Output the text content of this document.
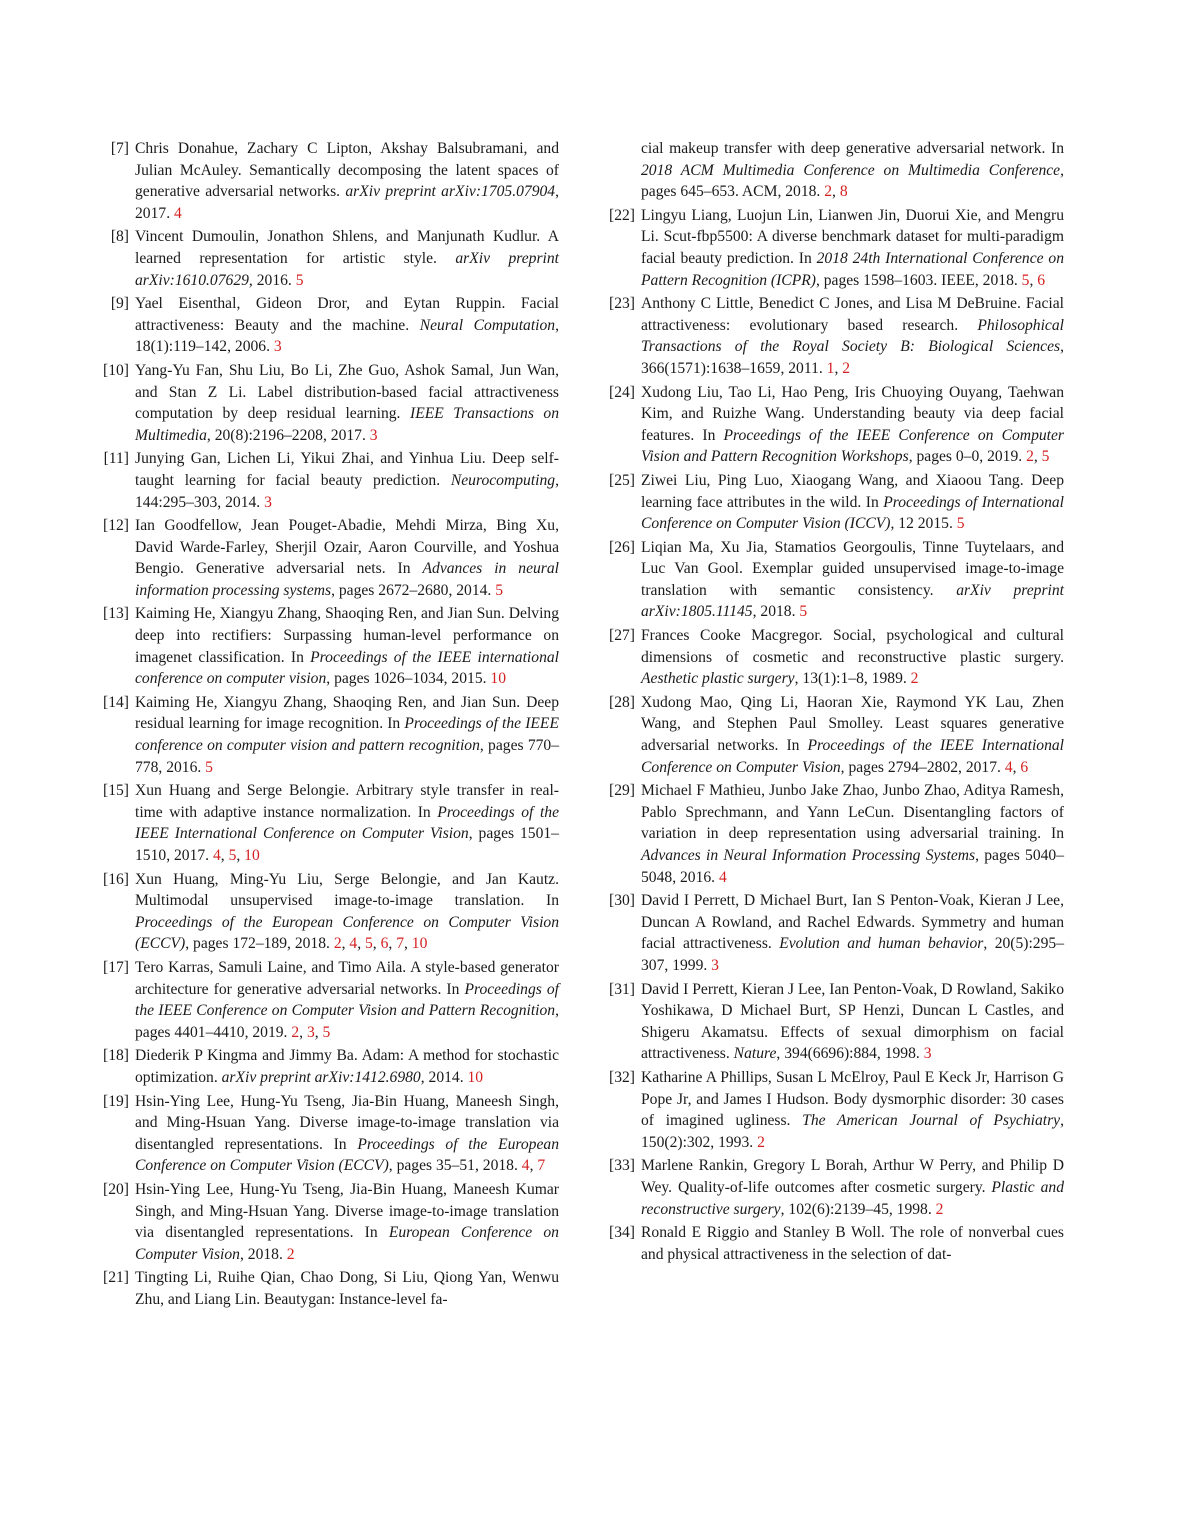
[7] Chris Donahue, Zachary C Lipton, Akshay Balsubramani, and Julian McAuley. Semantically decomposing the latent spaces of generative adversarial networks. arXiv preprint arXiv:1705.07904, 2017. 4
[8] Vincent Dumoulin, Jonathon Shlens, and Manjunath Kudlur. A learned representation for artistic style. arXiv preprint arXiv:1610.07629, 2016. 5
[9] Yael Eisenthal, Gideon Dror, and Eytan Ruppin. Facial attractiveness: Beauty and the machine. Neural Computation, 18(1):119–142, 2006. 3
[10] Yang-Yu Fan, Shu Liu, Bo Li, Zhe Guo, Ashok Samal, Jun Wan, and Stan Z Li. Label distribution-based facial attractiveness computation by deep residual learning. IEEE Transactions on Multimedia, 20(8):2196–2208, 2017. 3
[11] Junying Gan, Lichen Li, Yikui Zhai, and Yinhua Liu. Deep self-taught learning for facial beauty prediction. Neurocomputing, 144:295–303, 2014. 3
[12] Ian Goodfellow, Jean Pouget-Abadie, Mehdi Mirza, Bing Xu, David Warde-Farley, Sherjil Ozair, Aaron Courville, and Yoshua Bengio. Generative adversarial nets. In Advances in neural information processing systems, pages 2672–2680, 2014. 5
[13] Kaiming He, Xiangyu Zhang, Shaoqing Ren, and Jian Sun. Delving deep into rectifiers: Surpassing human-level performance on imagenet classification. In Proceedings of the IEEE international conference on computer vision, pages 1026–1034, 2015. 10
[14] Kaiming He, Xiangyu Zhang, Shaoqing Ren, and Jian Sun. Deep residual learning for image recognition. In Proceedings of the IEEE conference on computer vision and pattern recognition, pages 770–778, 2016. 5
[15] Xun Huang and Serge Belongie. Arbitrary style transfer in real-time with adaptive instance normalization. In Proceedings of the IEEE International Conference on Computer Vision, pages 1501–1510, 2017. 4, 5, 10
[16] Xun Huang, Ming-Yu Liu, Serge Belongie, and Jan Kautz. Multimodal unsupervised image-to-image translation. In Proceedings of the European Conference on Computer Vision (ECCV), pages 172–189, 2018. 2, 4, 5, 6, 7, 10
[17] Tero Karras, Samuli Laine, and Timo Aila. A style-based generator architecture for generative adversarial networks. In Proceedings of the IEEE Conference on Computer Vision and Pattern Recognition, pages 4401–4410, 2019. 2, 3, 5
[18] Diederik P Kingma and Jimmy Ba. Adam: A method for stochastic optimization. arXiv preprint arXiv:1412.6980, 2014. 10
[19] Hsin-Ying Lee, Hung-Yu Tseng, Jia-Bin Huang, Maneesh Singh, and Ming-Hsuan Yang. Diverse image-to-image translation via disentangled representations. In Proceedings of the European Conference on Computer Vision (ECCV), pages 35–51, 2018. 4, 7
[20] Hsin-Ying Lee, Hung-Yu Tseng, Jia-Bin Huang, Maneesh Kumar Singh, and Ming-Hsuan Yang. Diverse image-to-image translation via disentangled representations. In European Conference on Computer Vision, 2018. 2
[21] Tingting Li, Ruihe Qian, Chao Dong, Si Liu, Qiong Yan, Wenwu Zhu, and Liang Lin. Beautygan: Instance-level fa-
cial makeup transfer with deep generative adversarial network. In 2018 ACM Multimedia Conference on Multimedia Conference, pages 645–653. ACM, 2018. 2, 8
[22] Lingyu Liang, Luojun Lin, Lianwen Jin, Duorui Xie, and Mengru Li. Scut-fbp5500: A diverse benchmark dataset for multi-paradigm facial beauty prediction. In 2018 24th International Conference on Pattern Recognition (ICPR), pages 1598–1603. IEEE, 2018. 5, 6
[23] Anthony C Little, Benedict C Jones, and Lisa M DeBruine. Facial attractiveness: evolutionary based research. Philosophical Transactions of the Royal Society B: Biological Sciences, 366(1571):1638–1659, 2011. 1, 2
[24] Xudong Liu, Tao Li, Hao Peng, Iris Chuoying Ouyang, Taehwan Kim, and Ruizhe Wang. Understanding beauty via deep facial features. In Proceedings of the IEEE Conference on Computer Vision and Pattern Recognition Workshops, pages 0–0, 2019. 2, 5
[25] Ziwei Liu, Ping Luo, Xiaogang Wang, and Xiaoou Tang. Deep learning face attributes in the wild. In Proceedings of International Conference on Computer Vision (ICCV), 12 2015. 5
[26] Liqian Ma, Xu Jia, Stamatios Georgoulis, Tinne Tuytelaars, and Luc Van Gool. Exemplar guided unsupervised image-to-image translation with semantic consistency. arXiv preprint arXiv:1805.11145, 2018. 5
[27] Frances Cooke Macgregor. Social, psychological and cultural dimensions of cosmetic and reconstructive plastic surgery. Aesthetic plastic surgery, 13(1):1–8, 1989. 2
[28] Xudong Mao, Qing Li, Haoran Xie, Raymond YK Lau, Zhen Wang, and Stephen Paul Smolley. Least squares generative adversarial networks. In Proceedings of the IEEE International Conference on Computer Vision, pages 2794–2802, 2017. 4, 6
[29] Michael F Mathieu, Junbo Jake Zhao, Junbo Zhao, Aditya Ramesh, Pablo Sprechmann, and Yann LeCun. Disentangling factors of variation in deep representation using adversarial training. In Advances in Neural Information Processing Systems, pages 5040–5048, 2016. 4
[30] David I Perrett, D Michael Burt, Ian S Penton-Voak, Kieran J Lee, Duncan A Rowland, and Rachel Edwards. Symmetry and human facial attractiveness. Evolution and human behavior, 20(5):295–307, 1999. 3
[31] David I Perrett, Kieran J Lee, Ian Penton-Voak, D Rowland, Sakiko Yoshikawa, D Michael Burt, SP Henzi, Duncan L Castles, and Shigeru Akamatsu. Effects of sexual dimorphism on facial attractiveness. Nature, 394(6696):884, 1998. 3
[32] Katharine A Phillips, Susan L McElroy, Paul E Keck Jr, Harrison G Pope Jr, and James I Hudson. Body dysmorphic disorder: 30 cases of imagined ugliness. The American Journal of Psychiatry, 150(2):302, 1993. 2
[33] Marlene Rankin, Gregory L Borah, Arthur W Perry, and Philip D Wey. Quality-of-life outcomes after cosmetic surgery. Plastic and reconstructive surgery, 102(6):2139–45, 1998. 2
[34] Ronald E Riggio and Stanley B Woll. The role of nonverbal cues and physical attractiveness in the selection of dat-
